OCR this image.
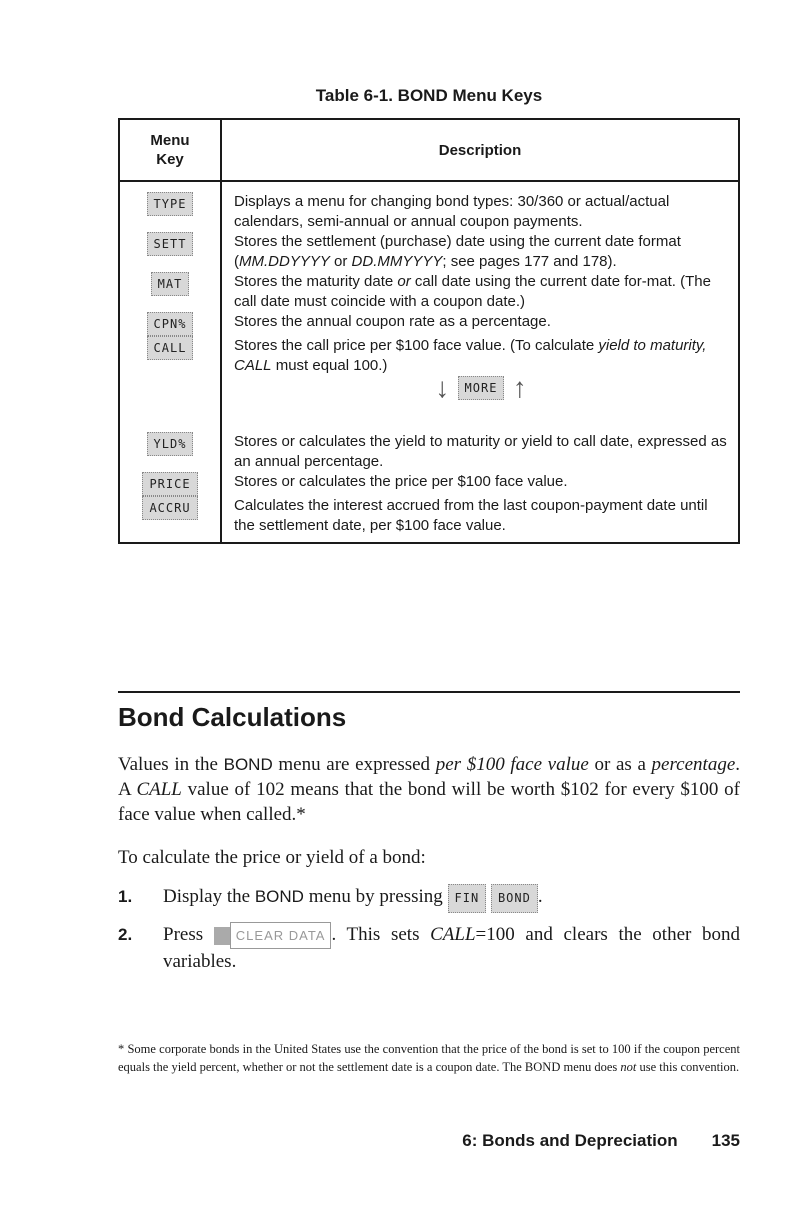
Table 6-1. BOND Menu Keys
Menu Key	Description
TYPE	Displays a menu for changing bond types: 30/360 or actual/actual calendars, semi-annual or annual coupon payments.
SETT	Stores the settlement (purchase) date using the current date format (MM.DDYYYY or DD.MMYYYY; see pages 177 and 178).
MAT	Stores the maturity date or call date using the current date for-mat. (The call date must coincide with a coupon date.)
CPN%	Stores the annual coupon rate as a percentage.
CALL	Stores the call price per $100 face value. (To calculate yield to maturity, CALL must equal 100.)
	↓ MORE ↑
YLD%	Stores or calculates the yield to maturity or yield to call date, expressed as an annual percentage.
PRICE	Stores or calculates the price per $100 face value.
ACCRU	Calculates the interest accrued from the last coupon-payment date until the settlement date, per $100 face value.
Bond Calculations
Values in the BOND menu are expressed per $100 face value or as a percentage. A CALL value of 102 means that the bond will be worth $102 for every $100 of face value when called.*
To calculate the price or yield of a bond:
1.	Display the BOND menu by pressing FIN BOND .
2.	Press CLEAR DATA . This sets CALL=100 and clears the other bond variables.
* Some corporate bonds in the United States use the convention that the price of the bond is set to 100 if the coupon percent equals the yield percent, whether or not the settlement date is a coupon date. The BOND menu does not use this convention.
6: Bonds and Depreciation 135
